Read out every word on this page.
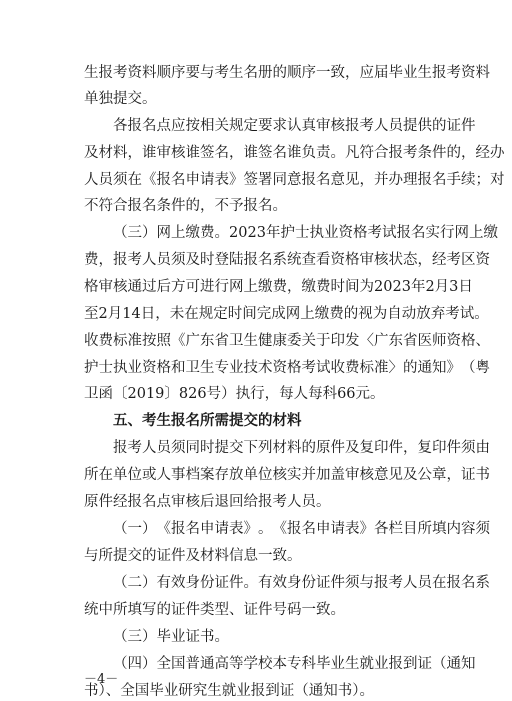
生 报 考 资 料 顺 序 要 与 考 生 名 册 的 顺 序 一 致 ， 应 届 毕 业 生 报 考 资 料
单独提交。
各 报 名 点 应 按 相 关 规 定 要 求 认 真 审 核 报 考 人 员 提 供 的 证 件
及 材 料 ， 谁 审 核 谁 签 名 ， 谁 签 名 谁 负 责 。 凡 符 合 报 考 条 件 的 ， 经 办
人 员 须 在 《 报 名 申 请 表 》 签 署 同 意 报 名 意 见 ， 并 办 理 报 名 手 续 ； 对
不符合报名条件的，不予报名。
（ 三 ） 网 上 缴 费 。 2 0 2 3 年 护 士 执 业 资 格 考 试 报 名 实 行 网 上 缴
费 ， 报 考 人 员 须 及 时 登 陆 报 名 系 统 查 看 资 格 审 核 状 态 ， 经 考 区 资
格 审 核 通 过 后 方 可 进 行 网 上 缴 费 ， 缴 费 时 间 为 2 0 2 3 年 2 月 3 日
至 2 月 1 4 日 ， 未 在 规 定 时 间 完 成 网 上 缴 费 的 视 为 自 动 放 弃 考 试 。
收 费 标 准 按 照 《 广 东 省 卫 生 健 康 委 关 于 印 发 〈 广 东 省 医 师 资 格 、
护 士 执 业 资 格 和 卫 生 专 业 技 术 资 格 考 试 收 费 标 准 〉 的 通 知 》 （ 粤
卫函〔2019〕826号）执行，每人每科66元。
五、考生报名所需提交的材料
报 考 人 员 须 同 时 提 交 下 列 材 料 的 原 件 及 复 印 件 ， 复 印 件 须 由
所 在 单 位 或 人 事 档 案 存 放 单 位 核 实 并 加 盖 审 核 意 见 及 公 章 ， 证 书
原件经报名点审核后退回给报考人员。
（ 一 ） 《 报 名 申 请 表 》 。 《 报 名 申 请 表 》 各 栏 目 所 填 内 容 须
与所提交的证件及材料信息一致。
（ 二 ） 有 效 身 份 证 件 。 有 效 身 份 证 件 须 与 报 考 人 员 在 报 名 系
统中所填写的证件类型、证件号码一致。
（三）毕业证书。
（ 四 ） 全 国 普 通 高 等 学 校 本 专 科 毕 业 生 就 业 报 到 证 （ 通 知
书）、全国毕业研究生就业报到证（通知书）。
－4－
